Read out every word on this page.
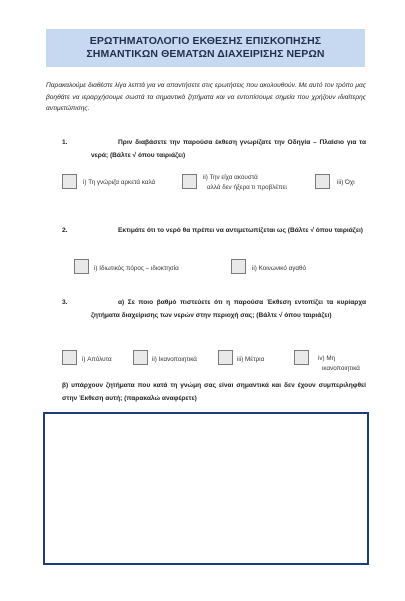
ΕΡΩΤΗΜΑΤΟΛΟΓΙΟ ΕΚΘΕΣΗΣ ΕΠΙΣΚΟΠΗΣΗΣ
ΣΗΜΑΝΤΙΚΩΝ ΘΕΜΑΤΩΝ ΔΙΑΧΕΙΡΙΣΗΣ ΝΕΡΩΝ
Παρακαλούμε διαθέστε λίγα λεπτά για να απαντήσετε στις ερωτήσεις που ακολουθούν. Με αυτό τον τρόπο μας βοηθάτε να ιεραρχήσουμε σωστά τα σημαντικά ζητήματα και να εντοπίσουμε σημεία που χρήζουν ιδιαίτερης αντιμετώπισης.
1.	Πριν διαβάσετε την παρούσα έκθεση γνωρίζατε την Οδηγία – Πλαίσιο για τα νερά; (Βάλτε √ όπου ταιριάζει)
i) Τη γνώριζα αρκετά καλά
ii) Την είχα ακουστά
αλλά δεν ήξερα τι προβλέπει
iii) Όχι
2.	Εκτιμάτε ότι το νερό θα πρέπει να αντιμετωπίζεται ως (Βάλτε √ όπου ταιριάζει)
i) Ιδιωτικός πόρος – ιδιοκτησία	ii) Κοινωνικό αγαθό
3.	α) Σε ποιο βαθμό πιστεύετε ότι η παρούσα Έκθεση εντοπίζει τα κυρίαρχα ζητήματα διαχείρισης των νερών στην περιοχή σας; (Βάλτε √ όπου ταιριάζει)
i) Απόλυτα	ii) Ικανοποιητικά	iii) Μέτρια	iv) Μη
ικανοποιητικά
β) υπάρχουν ζητήματα που κατά τη γνώμη σας είναι σημαντικά και δεν έχουν συμπεριληφθεί στην Έκθεση αυτή; (παρακαλώ αναφέρετε)
